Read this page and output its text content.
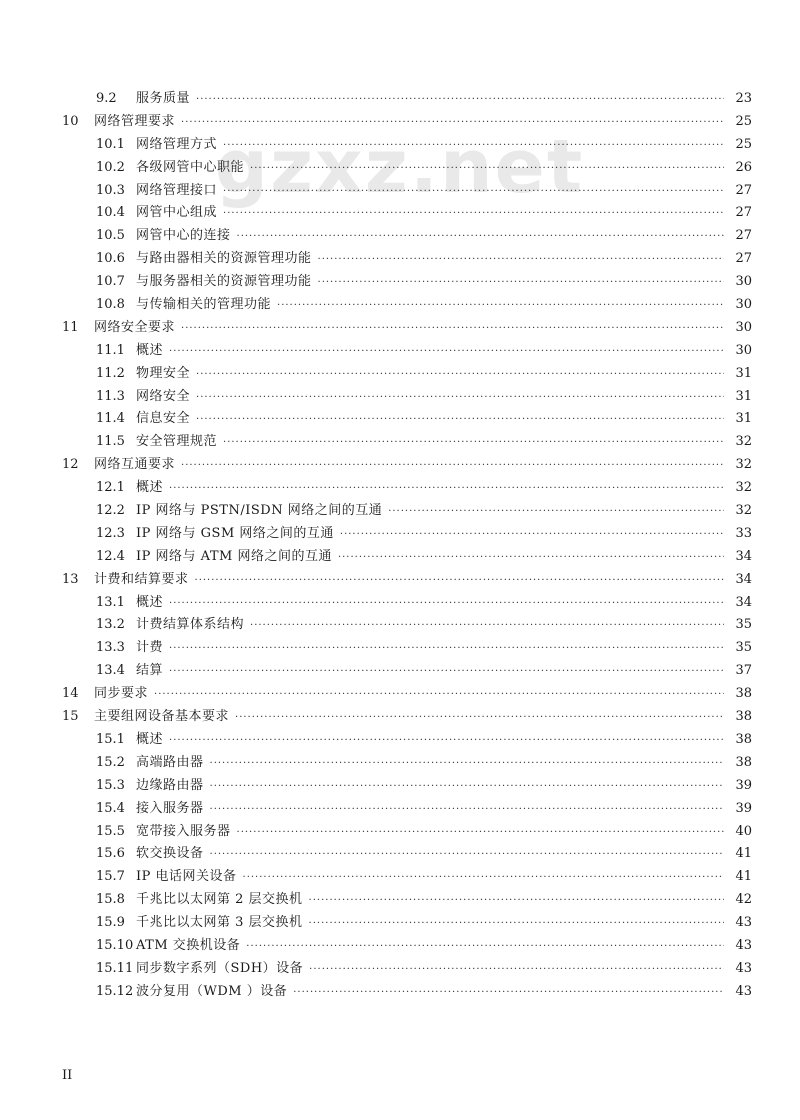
gzxz.net
9.2	服务质量 ·····	23
10	网络管理要求 ·····	25
10.1 网络管理方式 ·····	25
10.2 各级网管中心职能 ·····	26
10.3 网络管理接口 ·····	27
10.4 网管中心组成 ·····	27
10.5 网管中心的连接 ·····	27
10.6 与路由器相关的资源管理功能 ·····	27
10.7 与服务器相关的资源管理功能 ·····	30
10.8 与传输相关的管理功能 ·····	30
11	网络安全要求 ·····	30
11.1 概述 ·····	30
11.2 物理安全 ·····	31
11.3 网络安全 ·····	31
11.4 信息安全 ·····	31
11.5 安全管理规范 ·····	32
12	网络互通要求 ·····	32
12.1 概述 ·····	32
12.2 IP 网络与 PSTN/ISDN 网络之间的互通 ·····	32
12.3 IP 网络与 GSM 网络之间的互通 ·····	33
12.4 IP 网络与 ATM 网络之间的互通 ·····	34
13	计费和结算要求 ·····	34
13.1 概述 ·····	34
13.2 计费结算体系结构 ·····	35
13.3 计费 ·····	35
13.4 结算 ·····	37
14	同步要求 ·····	38
15	主要组网设备基本要求 ·····	38
15.1 概述 ·····	38
15.2 高端路由器 ·····	38
15.3 边缘路由器 ·····	39
15.4 接入服务器 ·····	39
15.5 宽带接入服务器 ·····	40
15.6 软交换设备 ·····	41
15.7 IP 电话网关设备 ·····	41
15.8 千兆比以太网第 2 层交换机 ·····	42
15.9 千兆比以太网第 3 层交换机 ·····	43
15.10 ATM 交换机设备 ·····	43
15.11 同步数字系列（SDH）设备 ·····	43
15.12 波分复用（WDM ）设备 ·····	43
II
